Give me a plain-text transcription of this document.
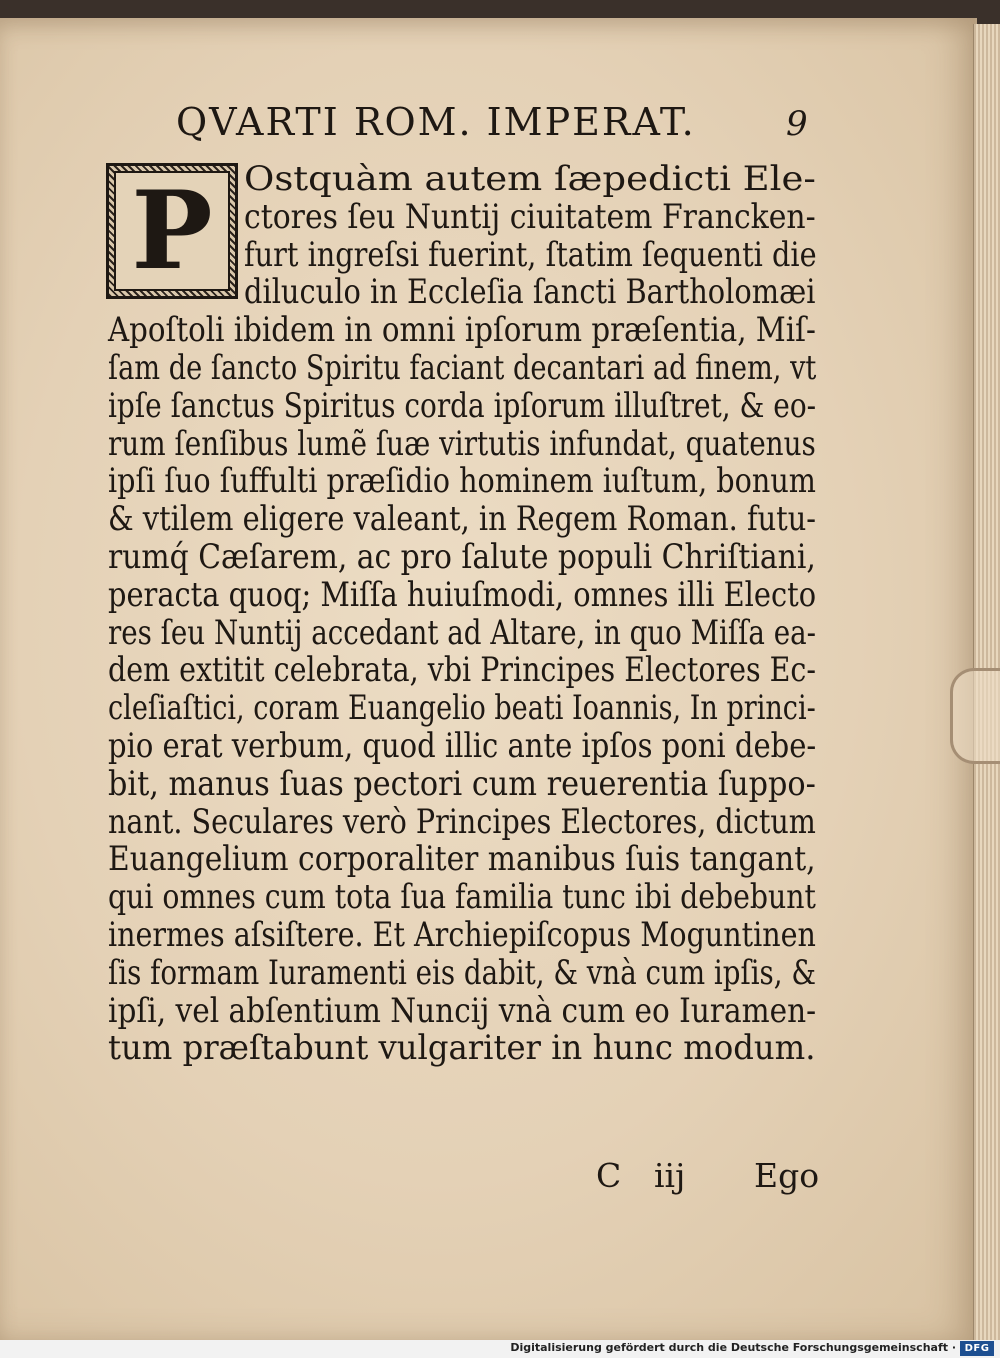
QVARTI ROM. IMPERAT.	9
P Ostquàm autem ſæpedicti Ele-
ctores ſeu Nuntij ciuitatem Francken-
furt ingreſsi fuerint, ſtatim ſequenti die
diluculo in Eccleſia ſancti Bartholomæi
Apoſtoli ibidem in omni ipſorum præſentia, Miſ-
ſam de ſancto Spiritu faciant decantari ad finem, vt
ipſe ſanctus Spiritus corda ipſorum illuſtret, & eo-
rum ſenſibus lumẽ ſuæ virtutis infundat, quatenus
ipſi ſuo ſuffulti præſidio hominem iuſtum, bonum
& vtilem eligere valeant, in Regem Roman. futu-
rumq́ Cæſarem, ac pro ſalute populi Chriſtiani,
peracta quoq; Miſſa huiuſmodi, omnes illi Electo
res ſeu Nuntij accedant ad Altare, in quo Miſſa ea-
dem extitit celebrata, vbi Principes Electores Ec-
cleſiaſtici, coram Euangelio beati Ioannis, In princi-
pio erat verbum, quod illic ante ipſos poni debe-
bit, manus ſuas pectori cum reuerentia ſuppo-
nant. Seculares verò Principes Electores, dictum
Euangelium corporaliter manibus ſuis tangant,
qui omnes cum tota ſua familia tunc ibi debebunt
inermes aſsiſtere. Et Archiepiſcopus Moguntinen
ſis formam Iuramenti eis dabit, & vnà cum ipſis, &
ipſi, vel abſentium Nuncij vnà cum eo Iuramen-
tum præſtabunt vulgariter in hunc modum.
C iij Ego
Digitalisierung gefördert durch die Deutsche Forschungsgemeinschaft · DFG
